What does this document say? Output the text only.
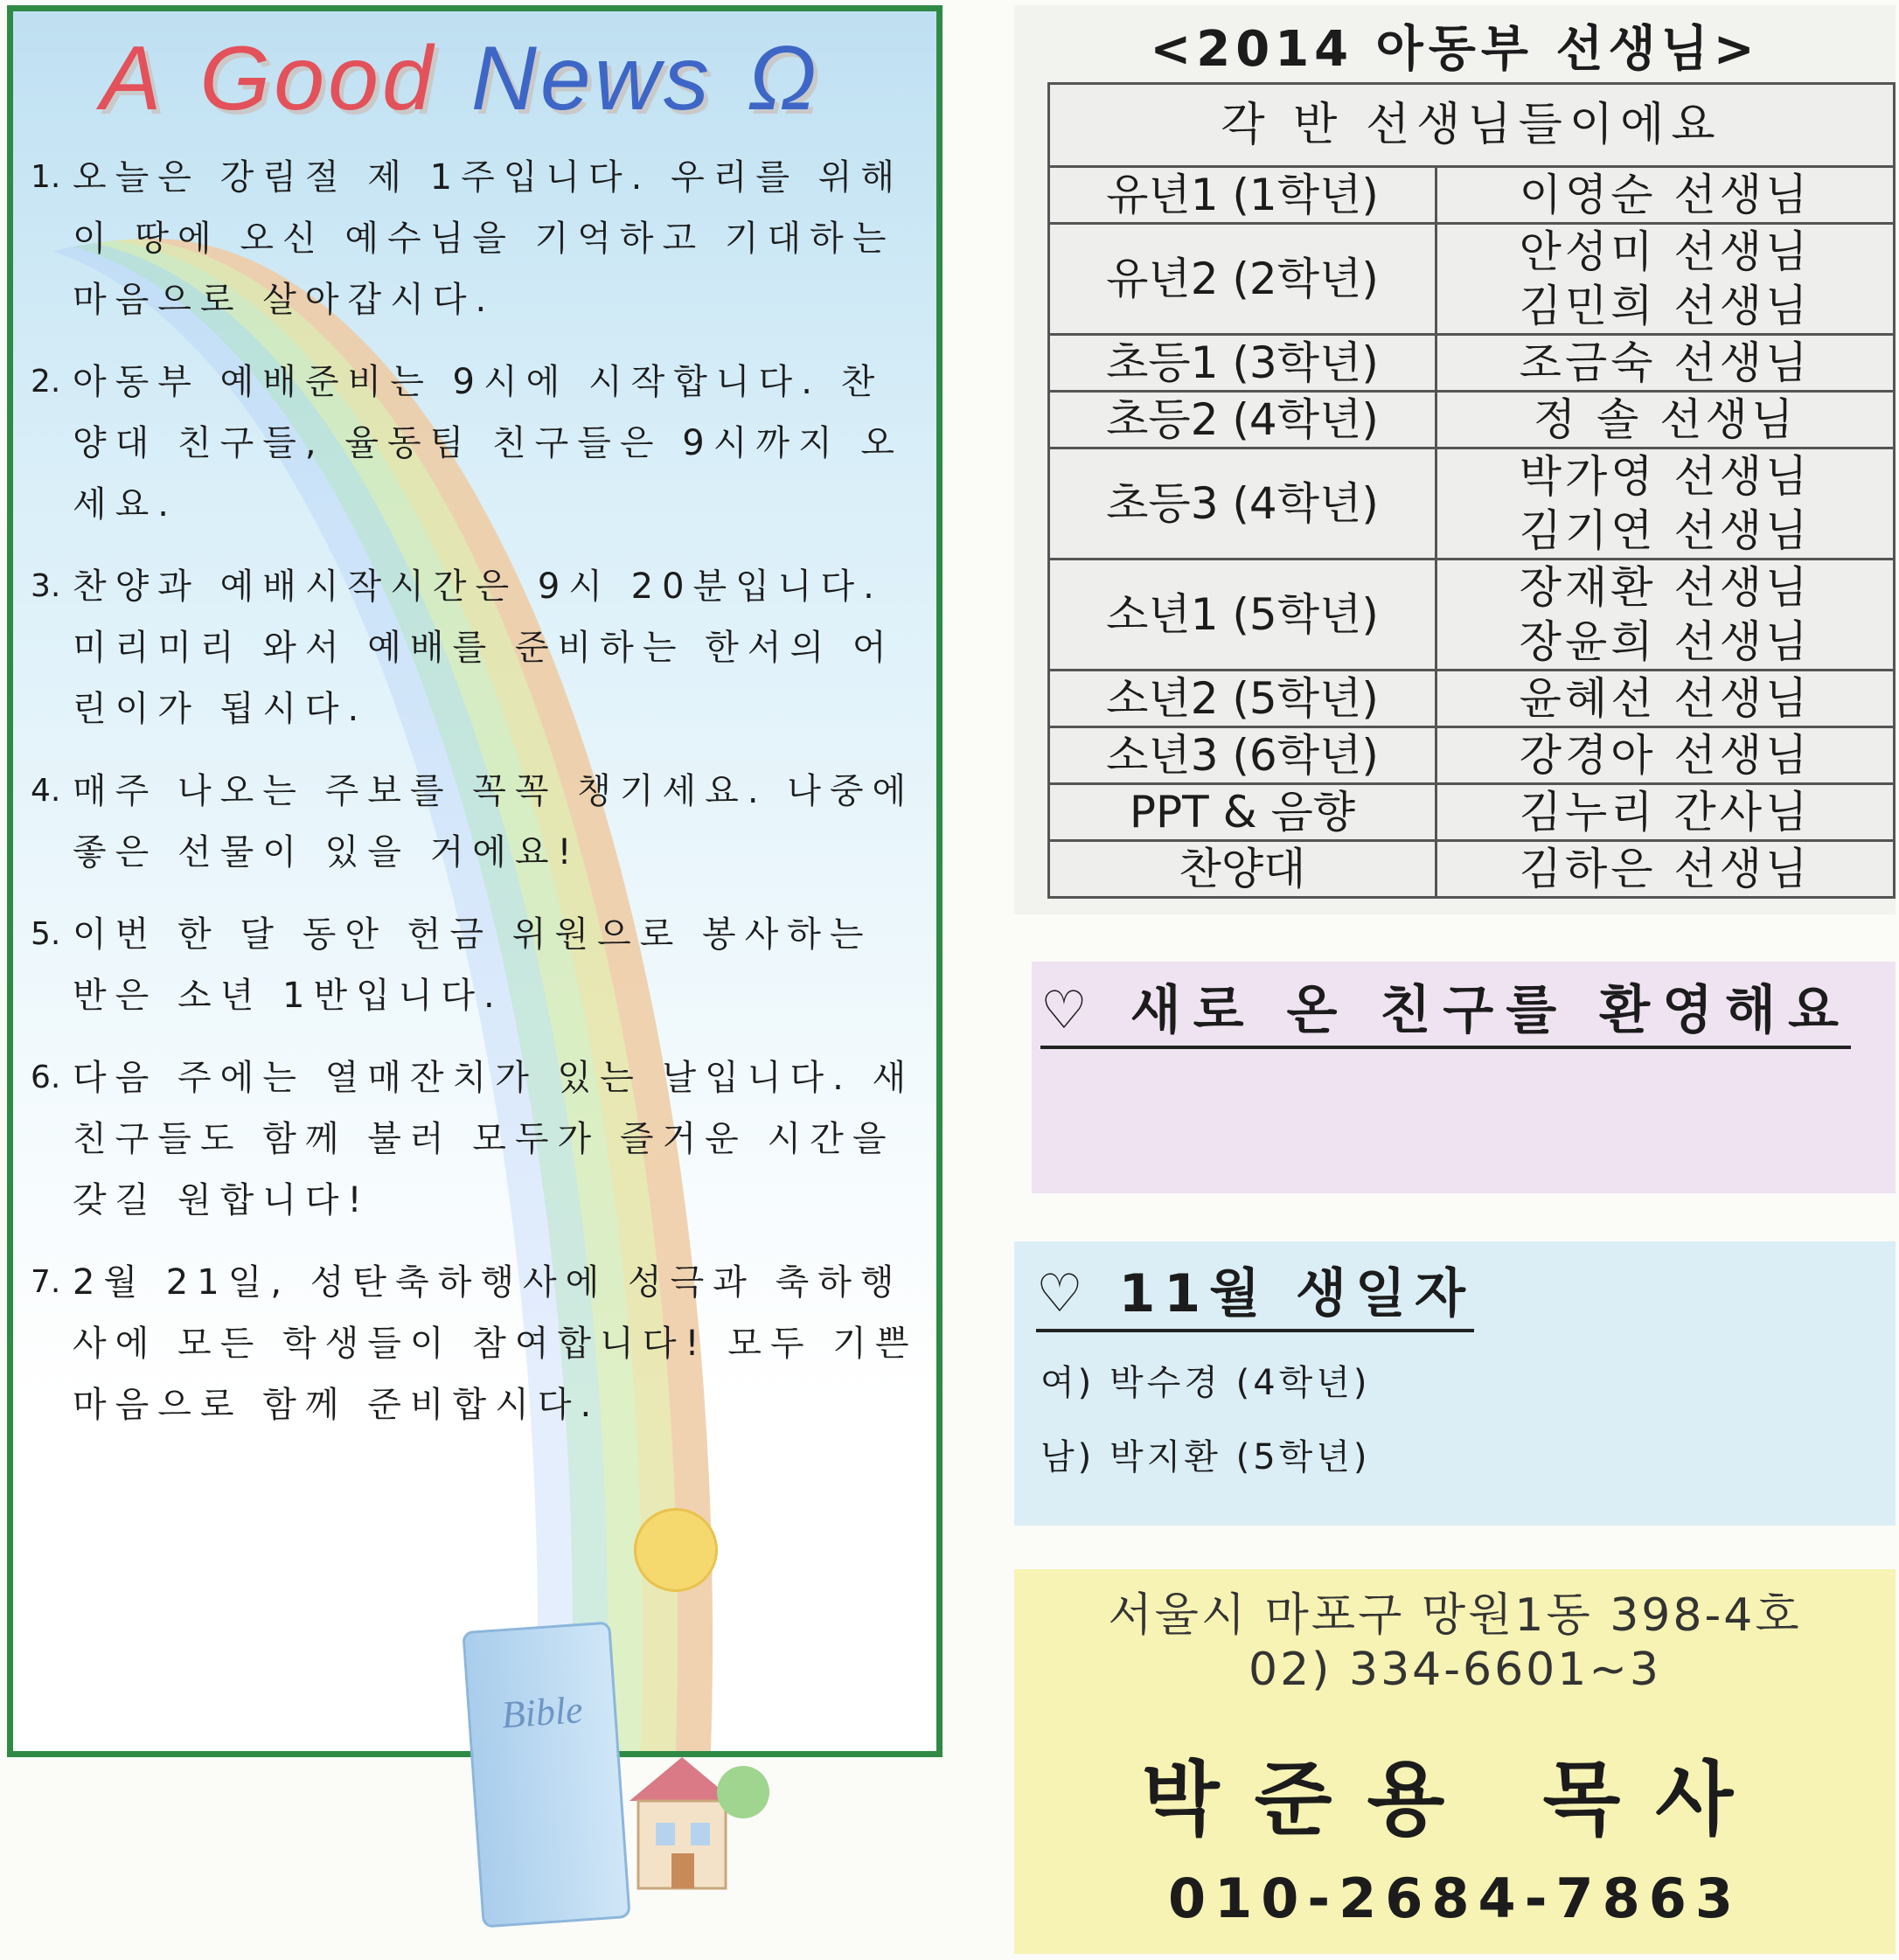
A Good News Ω
1. 오늘은 강림절 제 1주입니다. 우리를 위해 이 땅에 오신 예수님을 기억하고 기대하는 마음으로 살아갑시다.
2. 아동부 예배준비는 9시에 시작합니다. 찬양대 친구들, 율동팀 친구들은 9시까지 오세요.
3. 찬양과 예배시작시간은 9시 20분입니다. 미리미리 와서 예배를 준비하는 한서의 어린이가 됩시다.
4. 매주 나오는 주보를 꼭꼭 챙기세요. 나중에 좋은 선물이 있을 거에요!
5. 이번 한 달 동안 헌금 위원으로 봉사하는 반은 소년 1반입니다.
6. 다음 주에는 열매잔치가 있는 날입니다. 새 친구들도 함께 불러 모두가 즐거운 시간을 갖길 원합니다!
7. 2월 21일, 성탄축하행사에 성극과 축하행사에 모든 학생들이 참여합니다! 모두 기쁜 마음으로 함께 준비합시다.
Bible
<2014 아동부 선생님>
각 반 선생님들이에요	
유년1 (1학년)	이영순 선생님

유년2 (2학년)	안성미 선생님
김민희 선생님

초등1 (3학년)	조금숙 선생님

초등2 (4학년)	정 솔 선생님

초등3 (4학년)	박가영 선생님
김기연 선생님

소년1 (5학년)	장재환 선생님
장윤희 선생님

소년2 (5학년)	윤혜선 선생님

소년3 (6학년)	강경아 선생님

PPT & 음향	김누리 간사님

찬양대	김하은 선생님
♡ 새로 온 친구를 환영해요
♡ 11월 생일자
여) 박수경 (4학년)
남) 박지환 (5학년)
서울시 마포구 망원1동 398-4호
02) 334-6601~3
박준용 목사
010-2684-7863
